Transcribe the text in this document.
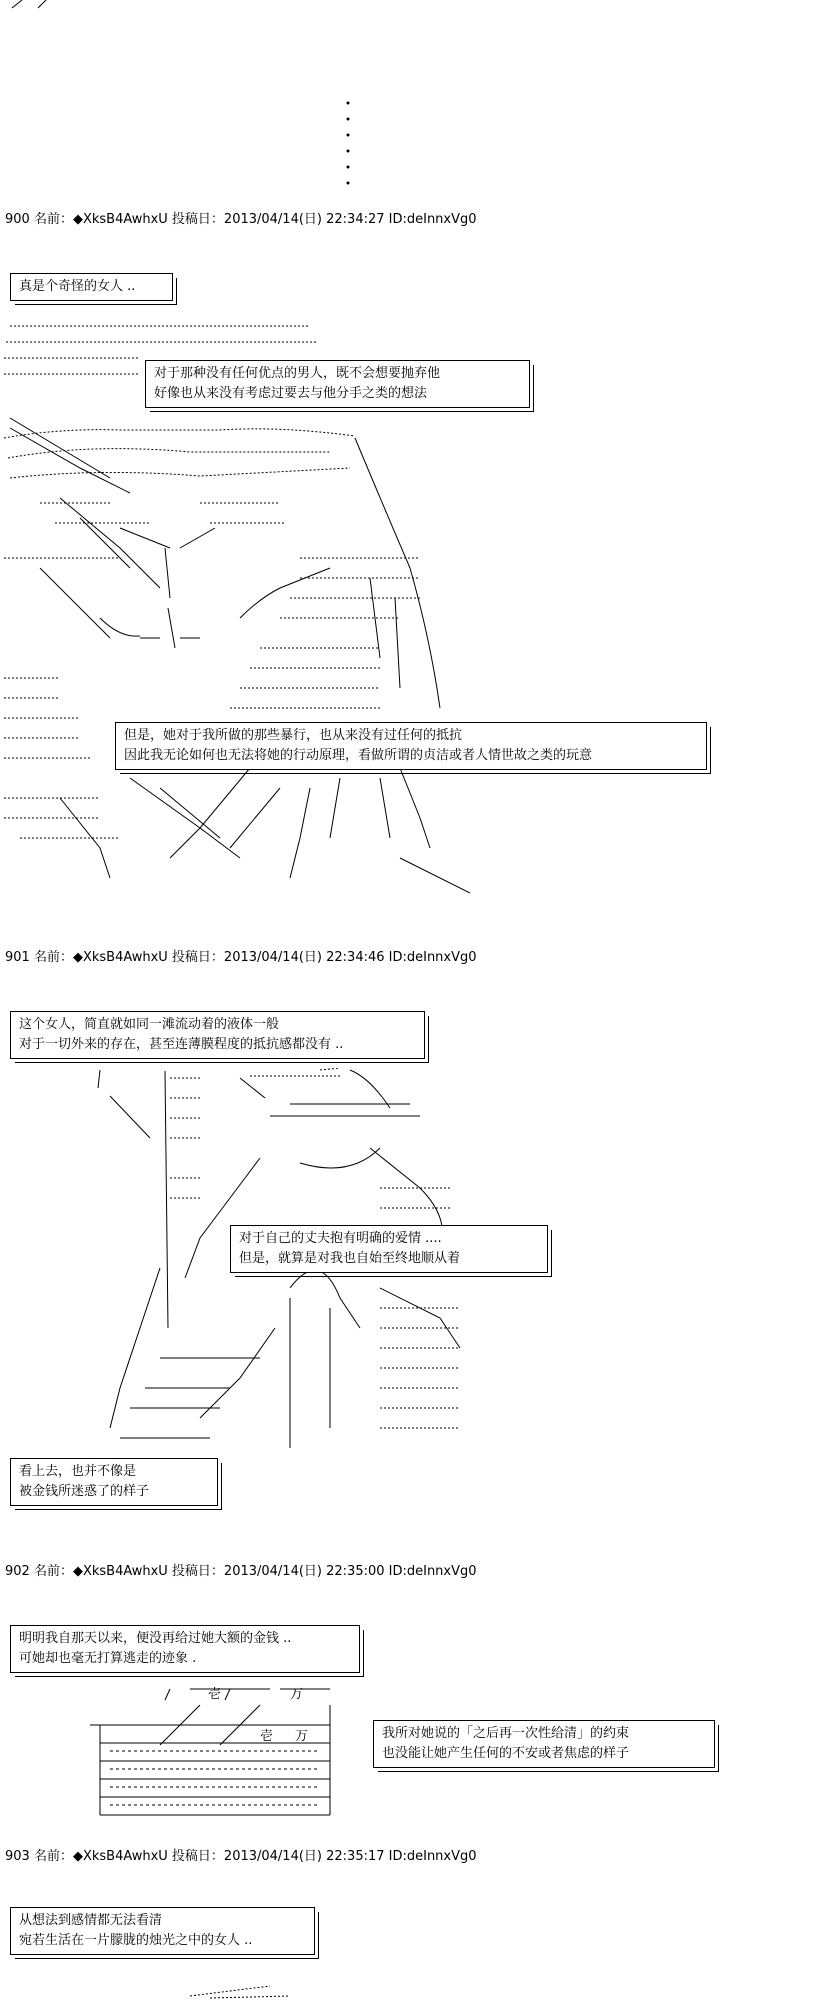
900 名前：◆XksB4AwhxU 投稿日：2013/04/14(日) 22:34:27 ID:deInnxVg0
真是个奇怪的女人 ..
对于那种没有任何优点的男人，既不会想要抛弃他
好像也从来没有考虑过要去与他分手之类的想法
但是，她对于我所做的那些暴行，也从来没有过任何的抵抗
因此我无论如何也无法将她的行动原理，看做所谓的贞洁或者人情世故之类的玩意
901 名前：◆XksB4AwhxU 投稿日：2013/04/14(日) 22:34:46 ID:deInnxVg0
这个女人，简直就如同一滩流动着的液体一般
对于一切外来的存在，甚至连薄膜程度的抵抗感都没有 ..
对于自己的丈夫抱有明确的爱情 ....
但是，就算是对我也自始至终地顺从着
看上去，也并不像是
被金钱所迷惑了的样子
902 名前：◆XksB4AwhxU 投稿日：2013/04/14(日) 22:35:00 ID:deInnxVg0
明明我自那天以来，便没再给过她大额的金钱 ..
可她却也毫无打算逃走的迹象 .
壱	万
壱 万	我所对她说的「之后再一次性给清」的约束
也没能让她产生任何的不安或者焦虑的样子
903 名前：◆XksB4AwhxU 投稿日：2013/04/14(日) 22:35:17 ID:deInnxVg0
从想法到感情都无法看清
宛若生活在一片朦胧的烛光之中的女人 ..
